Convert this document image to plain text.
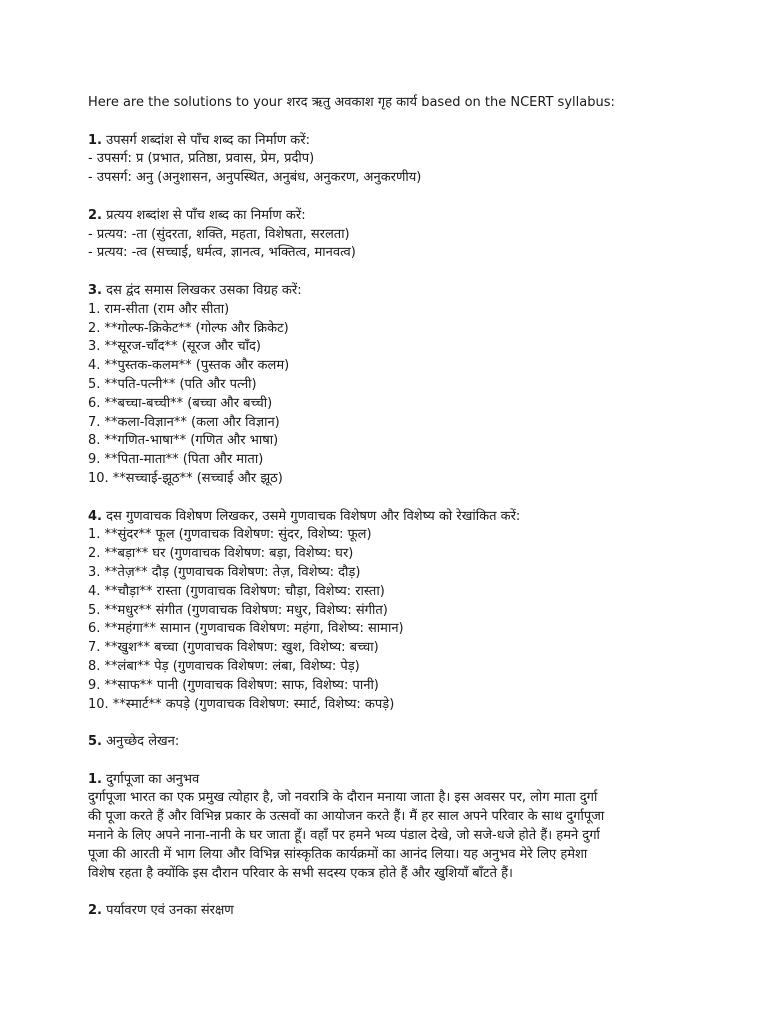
Here are the solutions to your शरद ऋतु अवकाश गृह कार्य based on the NCERT syllabus:
1. उपसर्ग शब्दांश से पाँच शब्द का निर्माण करें:
- उपसर्ग: प्र (प्रभात, प्रतिष्ठा, प्रवास, प्रेम, प्रदीप)
- उपसर्ग: अनु (अनुशासन, अनुपस्थित, अनुबंध, अनुकरण, अनुकरणीय)
2. प्रत्यय शब्दांश से पाँच शब्द का निर्माण करें:
- प्रत्यय: -ता (सुंदरता, शक्ति, महता, विशेषता, सरलता)
- प्रत्यय: -त्व (सच्चाई, धर्मत्व, ज्ञानत्व, भक्तित्व, मानवत्व)
3. दस द्वंद समास लिखकर उसका विग्रह करें:
1. राम-सीता (राम और सीता)
2. **गोल्फ-क्रिकेट** (गोल्फ और क्रिकेट)
3. **सूरज-चाँद** (सूरज और चाँद)
4. **पुस्तक-कलम** (पुस्तक और कलम)
5. **पति-पत्नी** (पति और पत्नी)
6. **बच्चा-बच्ची** (बच्चा और बच्ची)
7. **कला-विज्ञान** (कला और विज्ञान)
8. **गणित-भाषा** (गणित और भाषा)
9. **पिता-माता** (पिता और माता)
10. **सच्चाई-झूठ** (सच्चाई और झूठ)
4. दस गुणवाचक विशेषण लिखकर, उसमे गुणवाचक विशेषण और विशेष्य को रेखांकित करें:
1. **सुंदर** फूल (गुणवाचक विशेषण: सुंदर, विशेष्य: फूल)
2. **बड़ा** घर (गुणवाचक विशेषण: बड़ा, विशेष्य: घर)
3. **तेज़** दौड़ (गुणवाचक विशेषण: तेज़, विशेष्य: दौड़)
4. **चौड़ा** रास्ता (गुणवाचक विशेषण: चौड़ा, विशेष्य: रास्ता)
5. **मधुर** संगीत (गुणवाचक विशेषण: मधुर, विशेष्य: संगीत)
6. **महंगा** सामान (गुणवाचक विशेषण: महंगा, विशेष्य: सामान)
7. **खुश** बच्चा (गुणवाचक विशेषण: खुश, विशेष्य: बच्चा)
8. **लंबा** पेड़ (गुणवाचक विशेषण: लंबा, विशेष्य: पेड़)
9. **साफ** पानी (गुणवाचक विशेषण: साफ, विशेष्य: पानी)
10. **स्मार्ट** कपड़े (गुणवाचक विशेषण: स्मार्ट, विशेष्य: कपड़े)
5. अनुच्छेद लेखन:
1. दुर्गापूजा का अनुभव
दुर्गापूजा भारत का एक प्रमुख त्योहार है, जो नवरात्रि के दौरान मनाया जाता है। इस अवसर पर, लोग माता दुर्गा
की पूजा करते हैं और विभिन्न प्रकार के उत्सवों का आयोजन करते हैं। मैं हर साल अपने परिवार के साथ दुर्गापूजा
मनाने के लिए अपने नाना-नानी के घर जाता हूँ। वहाँ पर हमने भव्य पंडाल देखे, जो सजे-धजे होते हैं। हमने दुर्गा
पूजा की आरती में भाग लिया और विभिन्न सांस्कृतिक कार्यक्रमों का आनंद लिया। यह अनुभव मेरे लिए हमेशा
विशेष रहता है क्योंकि इस दौरान परिवार के सभी सदस्य एकत्र होते हैं और खुशियाँ बाँटते हैं।
2. पर्यावरण एवं उनका संरक्षण
